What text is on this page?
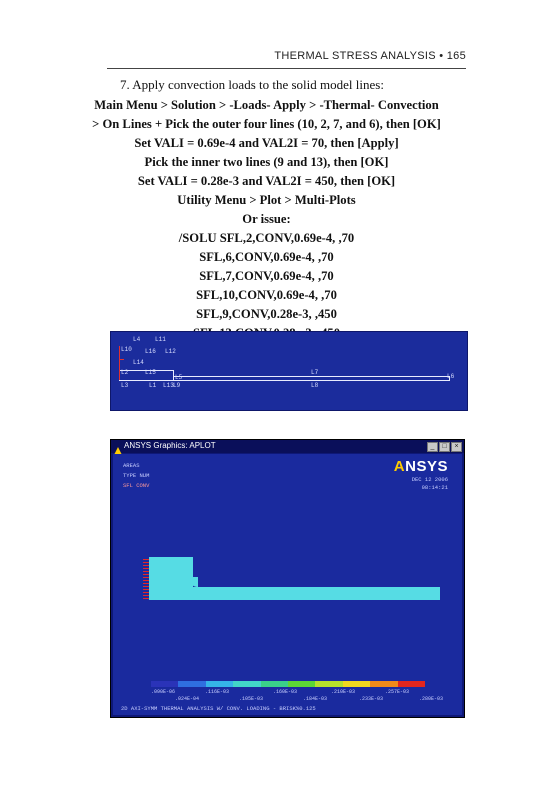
THERMAL STRESS ANALYSIS • 165
7. Apply convection loads to the solid model lines:
Main Menu > Solution > -Loads- Apply > -Thermal- Convection
> On Lines + Pick the outer four lines (10, 2, 7, and 6), then [OK]
Set VALI = 0.69e-4 and VAL2I = 70, then [Apply]
Pick the inner two lines (9 and 13), then [OK]
Set VALI = 0.28e-3 and VAL2I = 450, then [OK]
Utility Menu > Plot > Multi-Plots
Or issue:
/SOLU SFL,2,CONV,0.69e-4, ,70
SFL,6,CONV,0.69e-4, ,70
SFL,7,CONV,0.69e-4, ,70
SFL,10,CONV,0.69e-4, ,70
SFL,9,CONV,0.28e-3, ,450
L4 L11
L10 L16 L12
L14
L2	L15
L3	L1 L13
L5
L7
L8
L6
L9
ANSYS Graphics: APLOT	_	□	×
AREAS
TYPE NUM
SFL CONV
ANSYS
DEC 12 2006
08:14:21
.090E-06	.116E-03	.160E-03	.210E-03	.257E-03
.024E-04	.105E-03	.184E-03	.233E-03	.280E-03
2D AXI-SYMM THERMAL ANALYSIS W/ CONV. LOADING - BRISK%0.125
